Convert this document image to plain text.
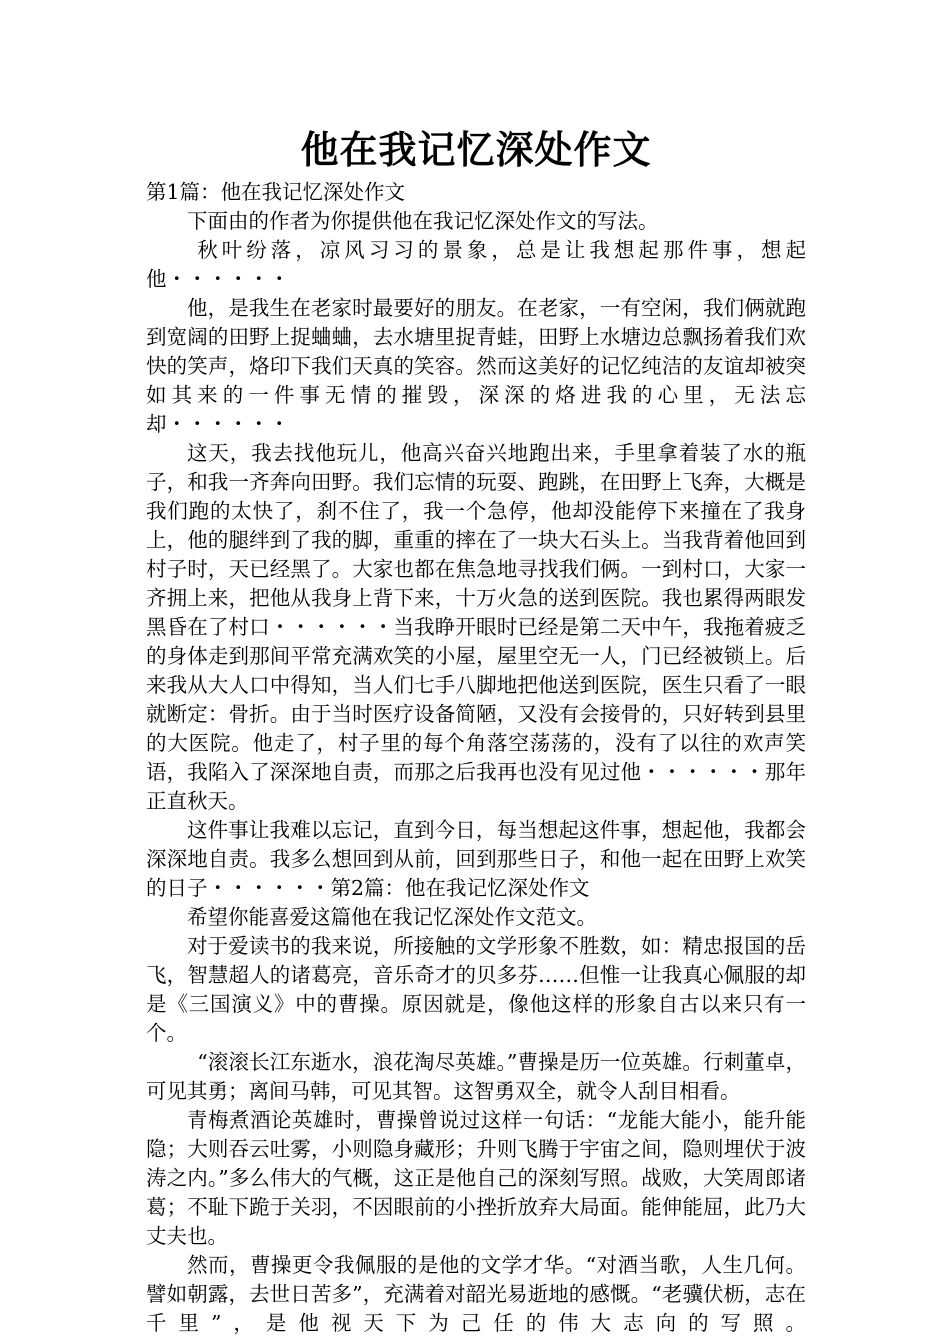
他在我记忆深处作文

第1篇：他在我记忆深处作文

下面由的作者为你提供他在我记忆深处作文的写法。

秋叶纷落，凉风习习的景象，总是让我想起那件事，想起他・・・・・・

他，是我生在老家时最要好的朋友。在老家，一有空闲，我们俩就跑到宽阔的田野上捉蛐蛐，去水塘里捉青蛙，田野上水塘边总飘扬着我们欢快的笑声，烙印下我们天真的笑容。然而这美好的记忆纯洁的友谊却被突如其来的一件事无情的摧毁，深深的烙进我的心里，无法忘却・・・・・・

这天，我去找他玩儿，他高兴奋兴地跑出来，手里拿着装了水的瓶子，和我一齐奔向田野。我们忘情的玩耍、跑跳，在田野上飞奔，大概是我们跑的太快了，刹不住了，我一个急停，他却没能停下来撞在了我身上，他的腿绊到了我的脚，重重的摔在了一块大石头上。当我背着他回到村子时，天已经黑了。大家也都在焦急地寻找我们俩。一到村口，大家一齐拥上来，把他从我身上背下来，十万火急的送到医院。我也累得两眼发黑昏在了村口・・・・・・当我睁开眼时已经是第二天中午，我拖着疲乏的身体走到那间平常充满欢笑的小屋，屋里空无一人，门已经被锁上。后来我从大人口中得知，当人们七手八脚地把他送到医院，医生只看了一眼就断定：骨折。由于当时医疗设备简陋，又没有会接骨的，只好转到县里的大医院。他走了，村子里的每个角落空荡荡的，没有了以往的欢声笑语，我陷入了深深地自责，而那之后我再也没有见过他・・・・・・那年正直秋天。

这件事让我难以忘记，直到今日，每当想起这件事，想起他，我都会深深地自责。我多么想回到从前，回到那些日子，和他一起在田野上欢笑的日子・・・・・・第2篇：他在我记忆深处作文

希望你能喜爱这篇他在我记忆深处作文范文。

对于爱读书的我来说，所接触的文学形象不胜数，如：精忠报国的岳飞，智慧超人的诸葛亮，音乐奇才的贝多芬……但惟一让我真心佩服的却是《三国演义》中的曹操。原因就是，像他这样的形象自古以来只有一个。

“滚滚长江东逝水，浪花淘尽英雄。”曹操是历一位英雄。行刺董卓，可见其勇；离间马韩，可见其智。这智勇双全，就令人刮目相看。

青梅煮酒论英雄时，曹操曾说过这样一句话：“龙能大能小，能升能隐；大则吞云吐雾，小则隐身藏形；升则飞腾于宇宙之间，隐则埋伏于波涛之内。”多么伟大的气概，这正是他自己的深刻写照。战败，大笑周郎诸葛；不耻下跪于关羽，不因眼前的小挫折放弃大局面。能伸能屈，此乃大丈夫也。

然而，曹操更令我佩服的是他的文学才华。“对酒当歌，人生几何。譬如朝露，去世日苦多”，充满着对韶光易逝地的感慨。“老骥伏枥，志在千里”，是他视天下为己任的伟大志向的写照。
